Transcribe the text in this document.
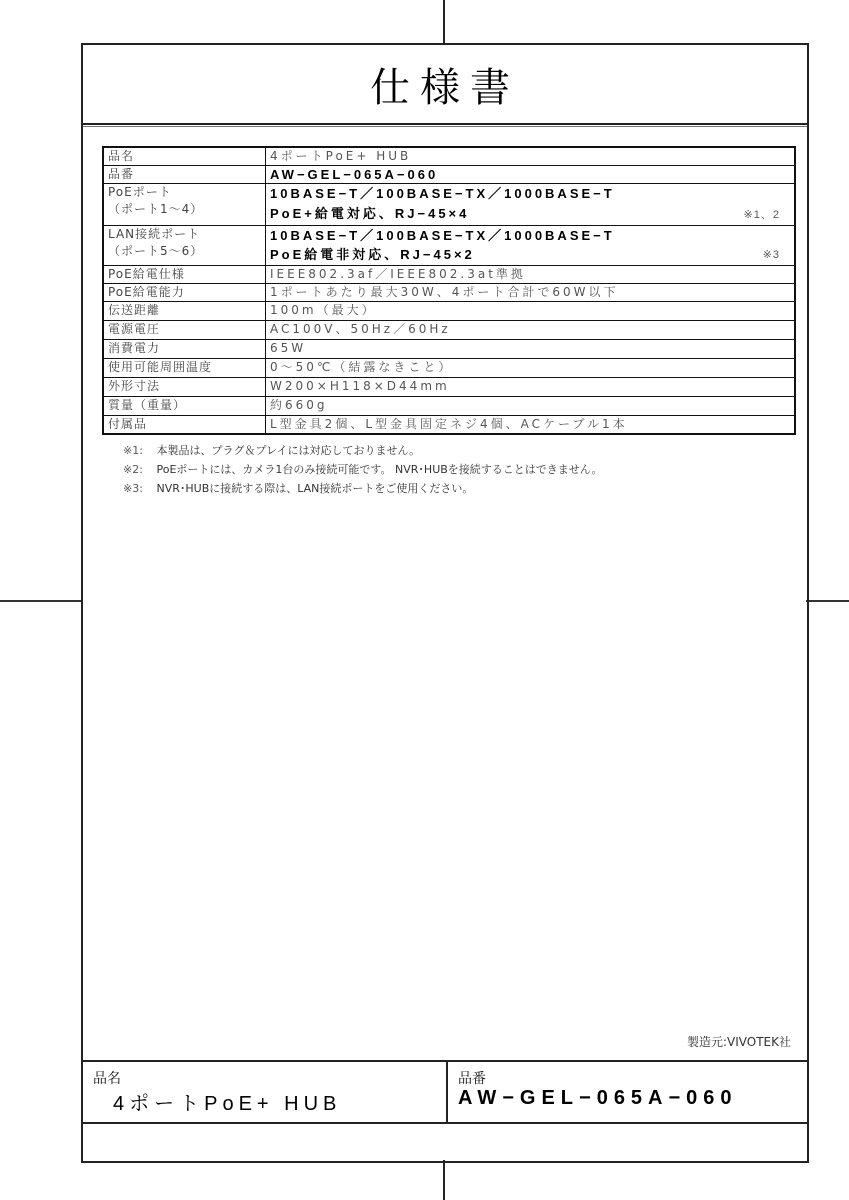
仕様書
品名	4ポートPoE+ HUB
品番	AW−GEL−065A−060

PoEポート
（ポート1〜4）	10BASE−T／100BASE−TX／1000BASE−T
PoE+給電対応、RJ−45×4 ※1、2

LAN接続ポート
（ポート5〜6）	10BASE−T／100BASE−TX／1000BASE−T
PoE給電非対応、RJ−45×2 ※3

PoE給電仕様	IEEE802.3af／IEEE802.3at準拠
PoE給電能力	1ポートあたり最大30W、4ポート合計で60W以下
伝送距離	100m（最大）
電源電圧	AC100V、50Hz／60Hz
消費電力	65W
使用可能周囲温度	0〜50℃（結露なきこと）
外形寸法	W200×H118×D44mm
質量（重量）	約660g
付属品	L型金具2個、L型金具固定ネジ4個、ACケーブル1本
※1: 本製品は、プラグ＆プレイには対応しておりません。
※2: PoEポートには、カメラ1台のみ接続可能です。 NVR･HUBを接続することはできません。
※3: NVR･HUBに接続する際は、LAN接続ポートをご使用ください。
製造元:VIVOTEK社
品名
4ポートPoE+ HUB
品番
AW−GEL−065A−060
